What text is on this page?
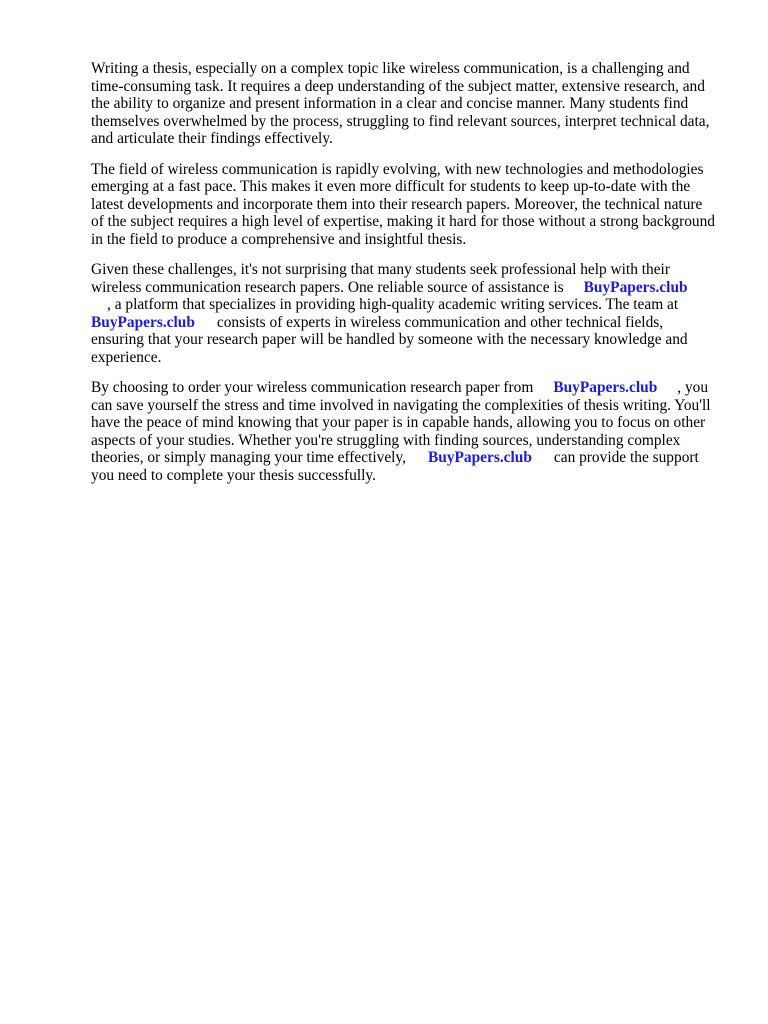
Writing a thesis, especially on a complex topic like wireless communication, is a challenging and
time-consuming task. It requires a deep understanding of the subject matter, extensive research, and
the ability to organize and present information in a clear and concise manner. Many students find
themselves overwhelmed by the process, struggling to find relevant sources, interpret technical data,
and articulate their findings effectively.

The field of wireless communication is rapidly evolving, with new technologies and methodologies
emerging at a fast pace. This makes it even more difficult for students to keep up-to-date with the
latest developments and incorporate them into their research papers. Moreover, the technical nature
of the subject requires a high level of expertise, making it hard for those without a strong background
in the field to produce a comprehensive and insightful thesis.

Given these challenges, it's not surprising that many students seek professional help with their
wireless communication research papers. One reliable source of assistance is BuyPapers.club
, a platform that specializes in providing high-quality academic writing services. The team at
BuyPapers.club consists of experts in wireless communication and other technical fields,
ensuring that your research paper will be handled by someone with the necessary knowledge and
experience.

By choosing to order your wireless communication research paper from BuyPapers.club , you
can save yourself the stress and time involved in navigating the complexities of thesis writing. You'll
have the peace of mind knowing that your paper is in capable hands, allowing you to focus on other
aspects of your studies. Whether you're struggling with finding sources, understanding complex
theories, or simply managing your time effectively, BuyPapers.club can provide the support
you need to complete your thesis successfully.
